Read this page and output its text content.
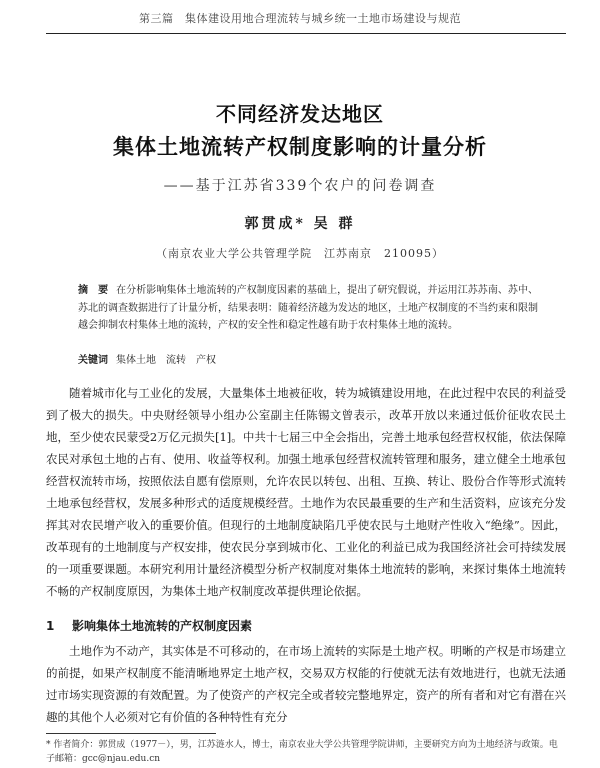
第三篇　集体建设用地合理流转与城乡统一土地市场建设与规范
不同经济发达地区
集体土地流转产权制度影响的计量分析
——基于江苏省339个农户的问卷调查
郭贯成* 吴 群
（南京农业大学公共管理学院　江苏南京　210095）
摘　要 在分析影响集体土地流转的产权制度因素的基础上，提出了研究假说，并运用江苏苏南、苏中、苏北的调查数据进行了计量分析，结果表明：随着经济越为发达的地区，土地产权制度的不当约束和限制越会抑制农村集体土地的流转，产权的安全性和稳定性越有助于农村集体土地的流转。
关键词 集体土地　流转　产权
随着城市化与工业化的发展，大量集体土地被征收，转为城镇建设用地，在此过程中农民的利益受到了极大的损失。中央财经领导小组办公室副主任陈锡文曾表示，改革开放以来通过低价征收农民土地，至少使农民蒙受2万亿元损失[1]。中共十七届三中全会指出，完善土地承包经营权权能，依法保障农民对承包土地的占有、使用、收益等权利。加强土地承包经营权流转管理和服务，建立健全土地承包经营权流转市场，按照依法自愿有偿原则，允许农民以转包、出租、互换、转让、股份合作等形式流转土地承包经营权，发展多种形式的适度规模经营。土地作为农民最重要的生产和生活资料，应该充分发挥其对农民增产收入的重要价值。但现行的土地制度缺陷几乎使农民与土地财产性收入“绝缘”。因此，改革现有的土地制度与产权安排，使农民分享到城市化、工业化的利益已成为我国经济社会可持续发展的一项重要课题。本研究利用计量经济模型分析产权制度对集体土地流转的影响，来探讨集体土地流转不畅的产权制度原因，为集体土地产权制度改革提供理论依据。
1 影响集体土地流转的产权制度因素
土地作为不动产，其实体是不可移动的，在市场上流转的实际是土地产权。明晰的产权是市场建立的前提，如果产权制度不能清晰地界定土地产权，交易双方权能的行使就无法有效地进行，也就无法通过市场实现资源的有效配置。为了使资产的产权完全或者较完整地界定，资产的所有者和对它有潜在兴趣的其他个人必须对它有价值的各种特性有充分
* 作者简介：郭贯成（1977－），男，江苏涟水人，博士，南京农业大学公共管理学院讲师，主要研究方向为土地经济与政策。电子邮箱：gcc@njau.edu.cn
